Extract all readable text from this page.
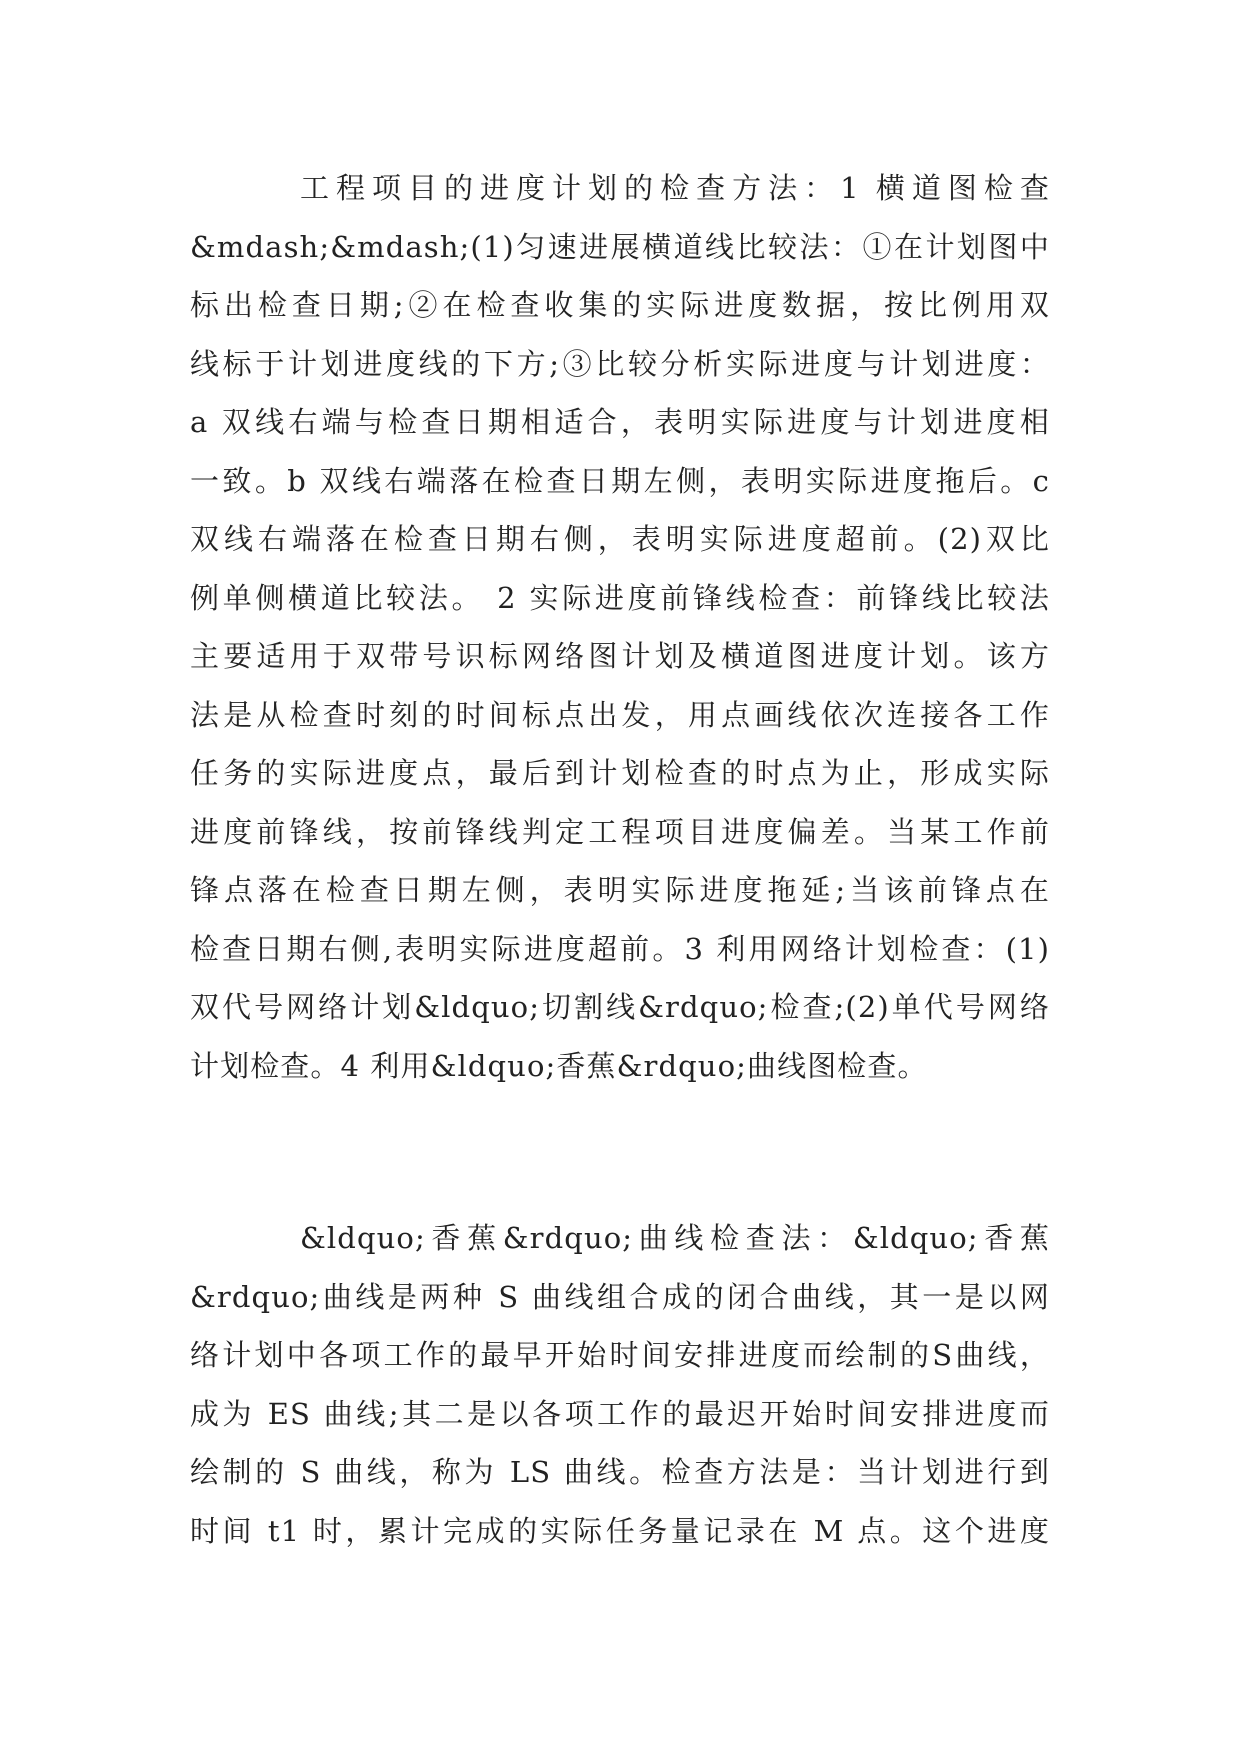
工程项目的进度计划的检查方法：1 横道图检查
&mdash;&mdash;(1)匀速进展横道线比较法：①在计划图中
标出检查日期;②在检查收集的实际进度数据，按比例用双
线标于计划进度线的下方;③比较分析实际进度与计划进度：
a 双线右端与检查日期相适合，表明实际进度与计划进度相
一致。b 双线右端落在检查日期左侧，表明实际进度拖后。c
双线右端落在检查日期右侧，表明实际进度超前。(2)双比
例单侧横道比较法。 2 实际进度前锋线检查：前锋线比较法
主要适用于双带号识标网络图计划及横道图进度计划。该方
法是从检查时刻的时间标点出发，用点画线依次连接各工作
任务的实际进度点，最后到计划检查的时点为止，形成实际
进度前锋线，按前锋线判定工程项目进度偏差。当某工作前
锋点落在检查日期左侧，表明实际进度拖延;当该前锋点在
检查日期右侧,表明实际进度超前。3 利用网络计划检查：(1)
双代号网络计划&ldquo;切割线&rdquo;检查;(2)单代号网络
计划检查。4 利用&ldquo;香蕉&rdquo;曲线图检查。
&ldquo;香蕉&rdquo;曲线检查法：&ldquo;香蕉
&rdquo;曲线是两种 S 曲线组合成的闭合曲线，其一是以网
络计划中各项工作的最早开始时间安排进度而绘制的S曲线，
成为 ES 曲线;其二是以各项工作的最迟开始时间安排进度而
绘制的 S 曲线，称为 LS 曲线。检查方法是：当计划进行到
时间 t1 时，累计完成的实际任务量记录在 M 点。这个进度
